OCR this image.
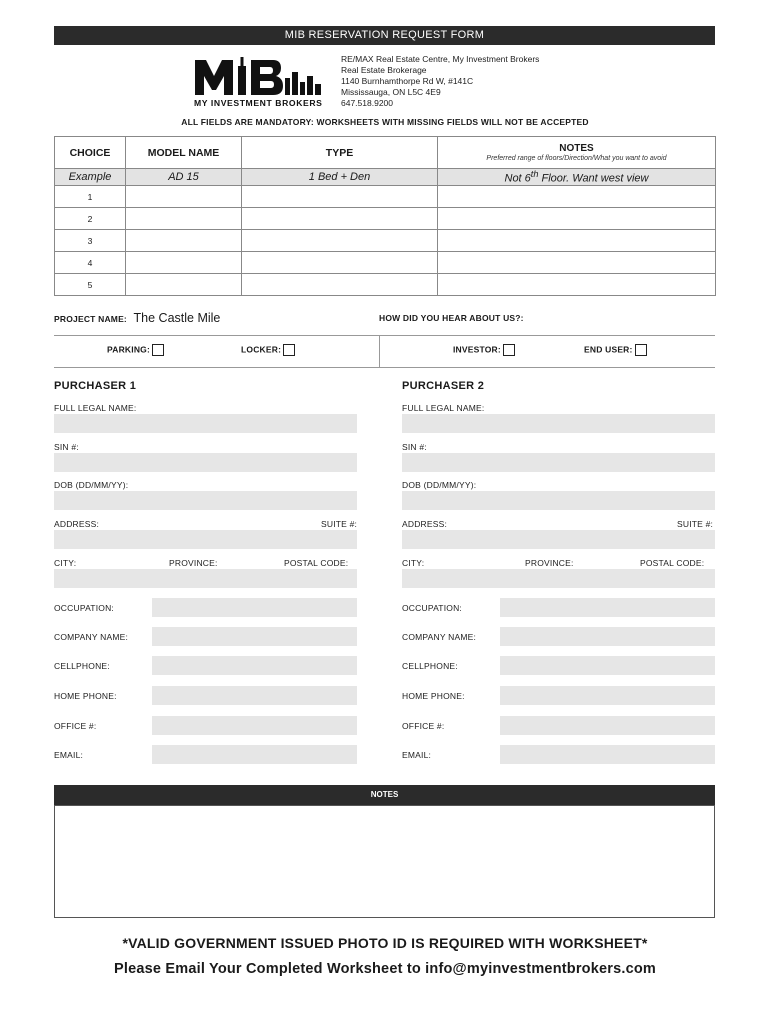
MIB RESERVATION REQUEST FORM
MY INVESTMENT BROKERS
RE/MAX Real Estate Centre, My Investment Brokers
Real Estate Brokerage
1140 Burnhamthorpe Rd W, #141C
Mississauga, ON L5C 4E9
647.518.9200
ALL FIELDS ARE MANDATORY: WORKSHEETS WITH MISSING FIELDS WILL NOT BE ACCEPTED
CHOICE	MODEL NAME	TYPE	NOTES
Preferred range of floors/Direction/What you want to avoid

Example	AD 15	1 Bed + Den	Not 6th Floor. Want west view
1			
2			
3			
4			
5			
PROJECT NAME: The Castle Mile	HOW DID YOU HEAR ABOUT US?:
PARKING:	LOCKER:	INVESTOR:	END USER:
PURCHASER 1
FULL LEGAL NAME:
SIN #:
DOB (DD/MM/YY):
ADDRESS:	SUITE #:
CITY:	PROVINCE:	POSTAL CODE:
OCCUPATION:
COMPANY NAME:
CELLPHONE:
HOME PHONE:
OFFICE #:
EMAIL:
PURCHASER 2
FULL LEGAL NAME:
SIN #:
DOB (DD/MM/YY):
ADDRESS:	SUITE #:
CITY:	PROVINCE:	POSTAL CODE:
OCCUPATION:
COMPANY NAME:
CELLPHONE:
HOME PHONE:
OFFICE #:
EMAIL:
NOTES
*VALID GOVERNMENT ISSUED PHOTO ID IS REQUIRED WITH WORKSHEET*
Please Email Your Completed Worksheet to info@myinvestmentbrokers.com
